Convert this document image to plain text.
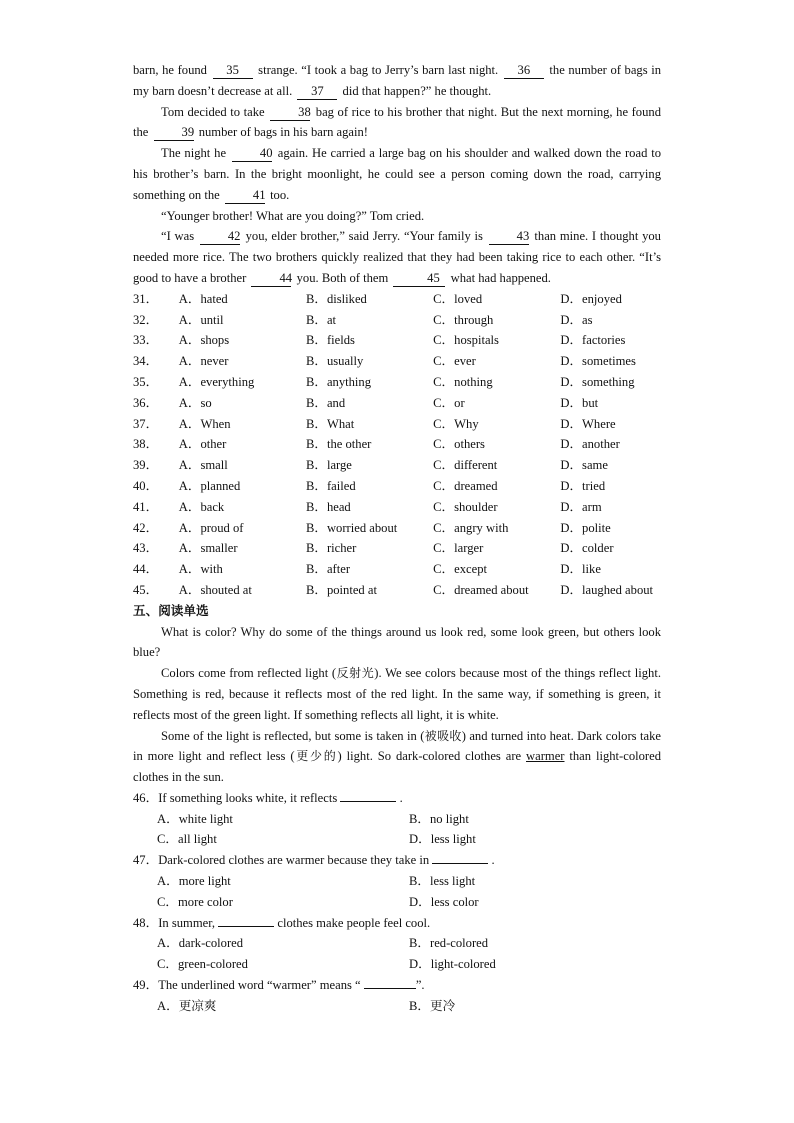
barn, he found 35 strange. “I took a bag to Jerry’s barn last night. 36 the number of bags in my barn doesn’t decrease at all. 37 did that happen?” he thought.

Tom decided to take	38 bag of rice to his brother that night. But the next morning, he found the	39 number of bags in his barn again!

The night he	40 again. He carried a large bag on his shoulder and walked down the road to his brother’s barn. In the bright moonlight, he could see a person coming down the road, carrying something on the	41 too.

“Younger brother! What are you doing?” Tom cried.

“I was	42 you, elder brother,” said Jerry. “Your family is	43 than mine. I thought you needed more rice. The two brothers quickly realized that they had been taking rice to each other. “It’s good to have a brother	44 you. Both of them	45 what had happened.

31．	A．hated	B．disliked	C．loved	D．enjoyed
32．	A．until	B．at	C．through	D．as
33．	A．shops	B．fields	C．hospitals	D．factories
34．	A．never	B．usually	C．ever	D．sometimes
35．	A．everything	B．anything	C．nothing	D．something
36．	A．so	B．and	C．or	D．but
37．	A．When	B．What	C．Why	D．Where
38．	A．other	B．the other	C．others	D．another
39．	A．small	B．large	C．different	D．same
40．	A．planned	B．failed	C．dreamed	D．tried
41．	A．back	B．head	C．shoulder	D．arm
42．	A．proud of	B．worried about	C．angry with	D．polite
43．	A．smaller	B．richer	C．larger	D．colder
44．	A．with	B．after	C．except	D．like
45．	A．shouted at	B．pointed at	C．dreamed about	D．laughed about

五、阅读单选

What is color? Why do some of the things around us look red, some look green, but others look blue?

Colors come from reflected light (反射光). We see colors because most of the things reflect light. Something is red, because it reflects most of the red light. In the same way, if something is green, it reflects most of the green light. If something reflects all light, it is white.

Some of the light is reflected, but some is taken in (被吸收) and turned into heat. Dark colors take in more light and reflect less (更少的) light. So dark-colored clothes are warmer than light-colored clothes in the sun.

46．If something looks white, it reflects	.

A．white light	B．no light
C．all light	D．less light

47．Dark-colored clothes are warmer because they take in	.

A．more light	B．less light
C．more color	D．less color

48．In summer,	clothes make people feel cool.

A．dark-colored	B．red-colored
C．green-colored	D．light-colored

49．The underlined word “warmer” means “	”.

A．更凉爽	B．更冷
